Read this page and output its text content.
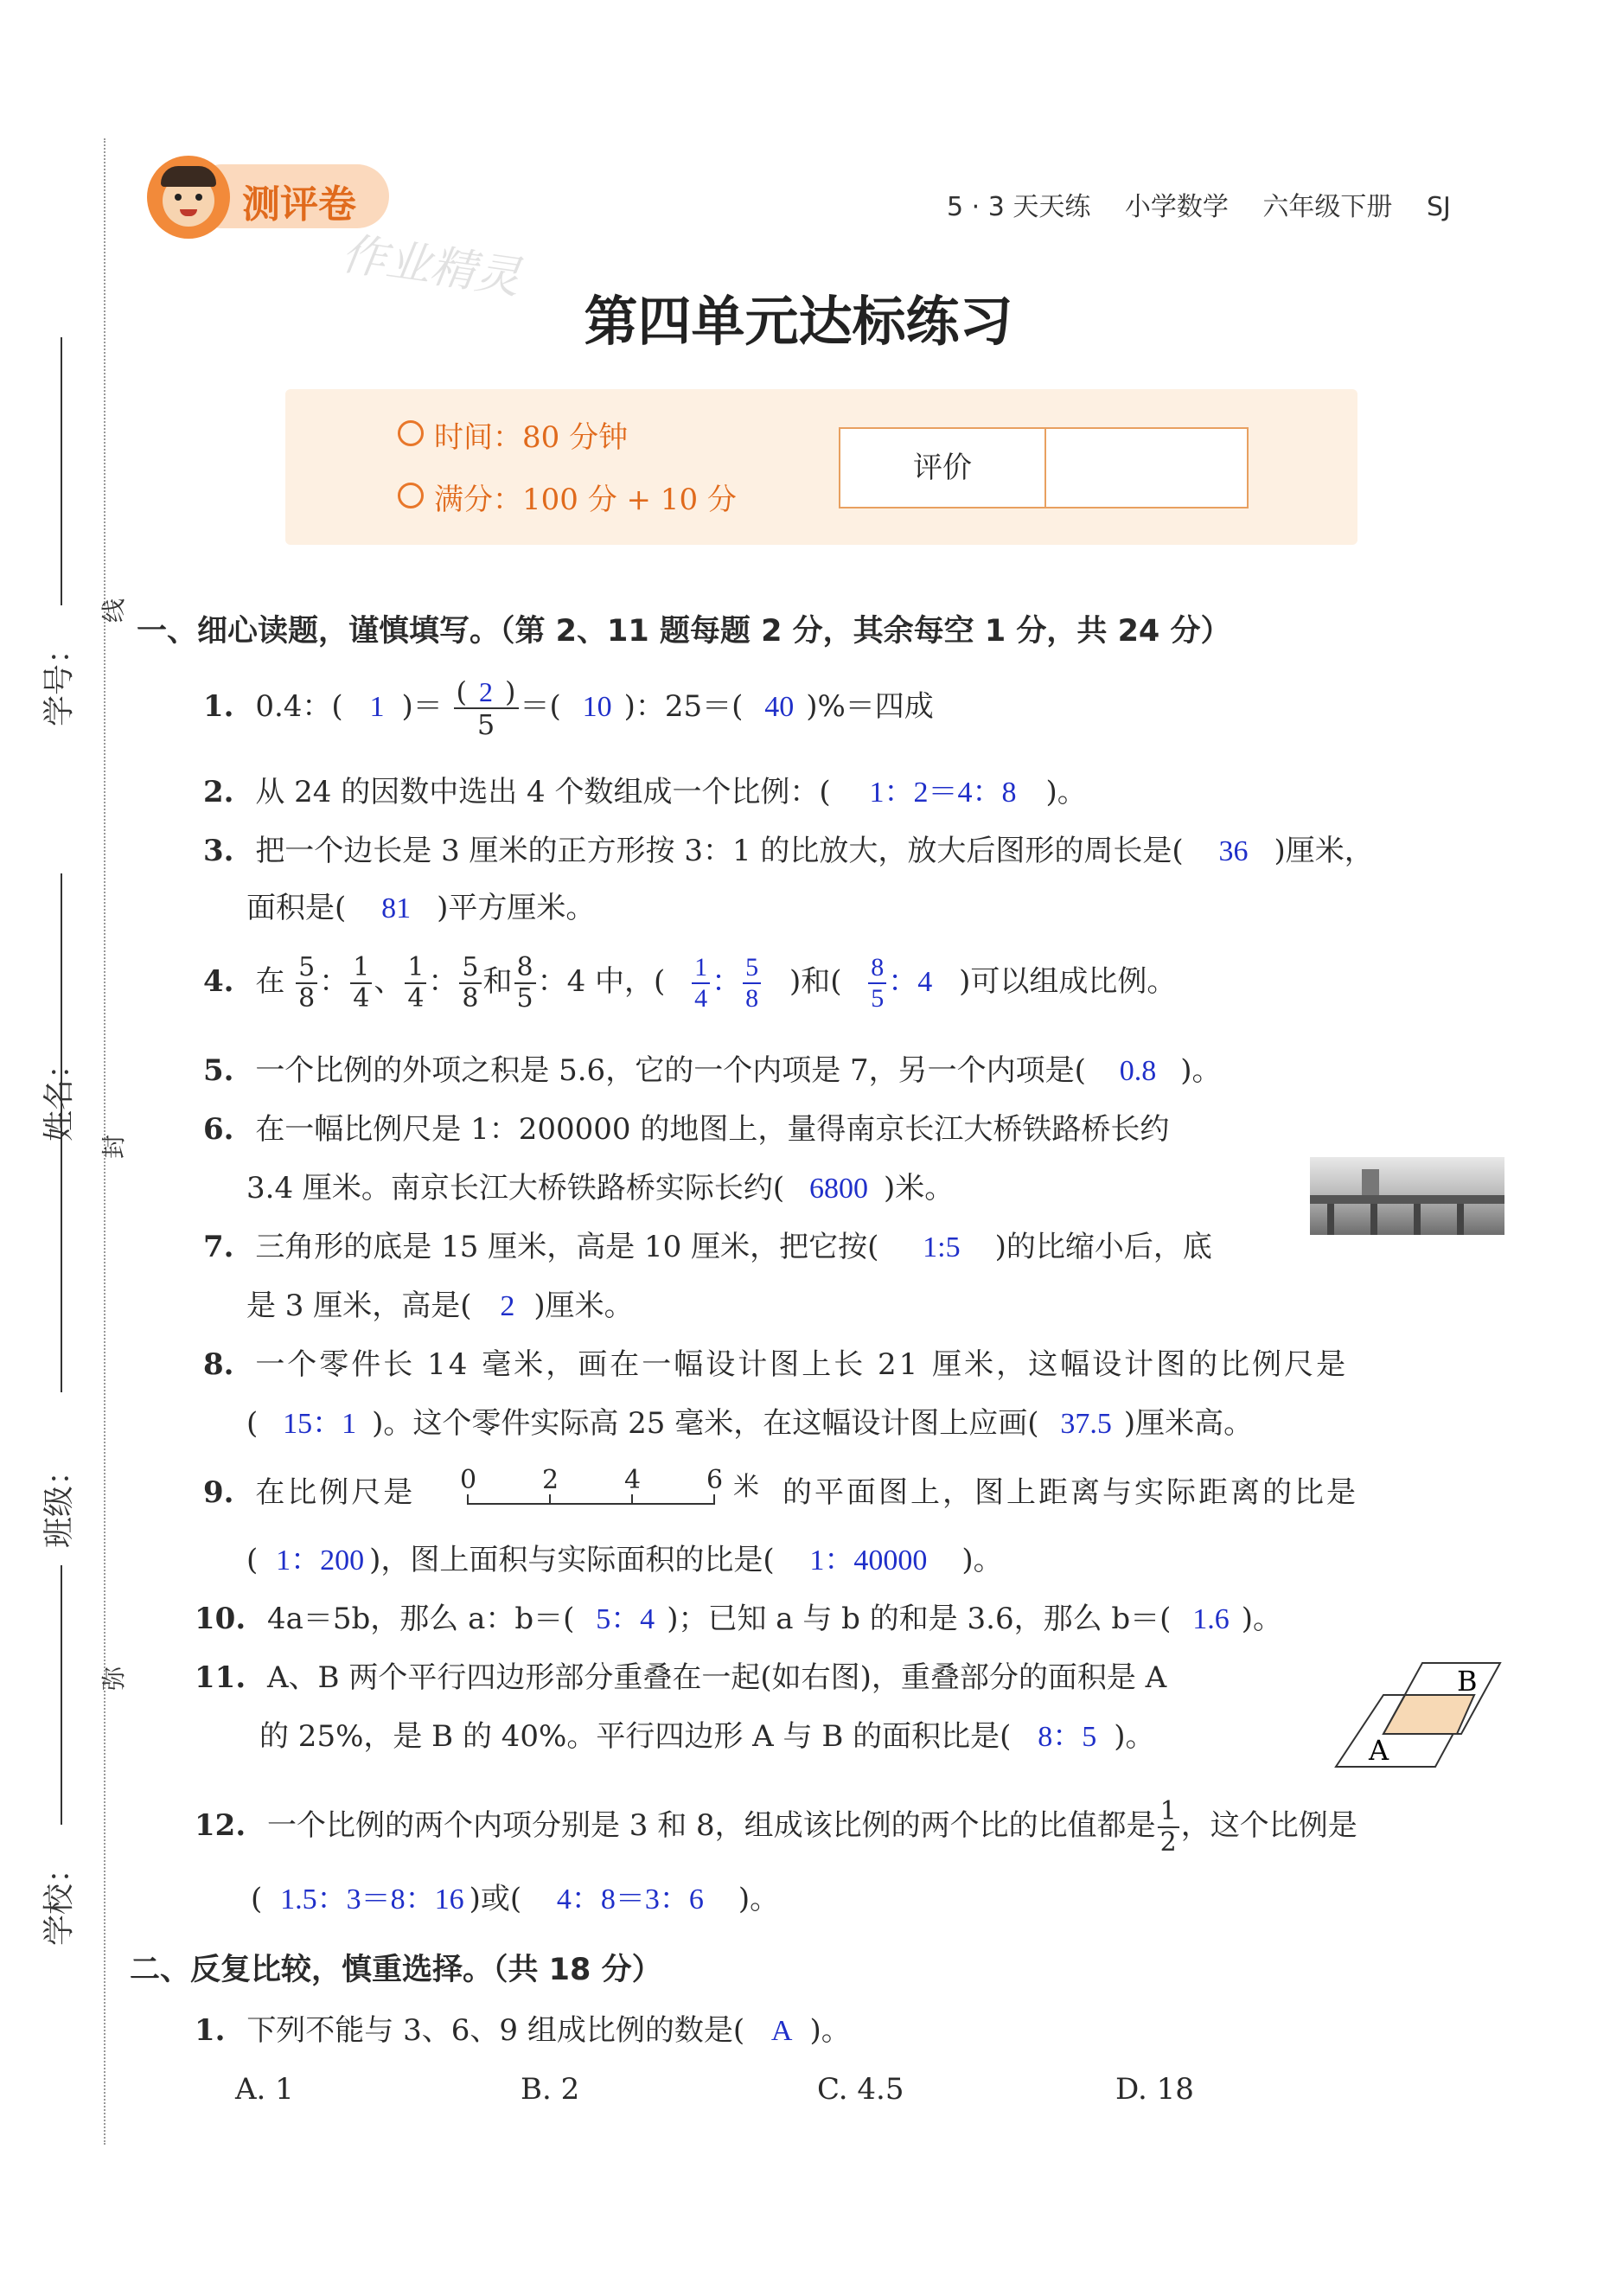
学号：
姓名：
班级：
学校：
线
封
弥
测评卷
作业精灵
5 · 3 天天练 小学数学 六年级下册 SJ
第四单元达标练习
时间：80 分钟
满分：100 分 + 10 分
评价
一、细心读题，谨慎填写。（第 2、11 题每题 2 分，其余每空 1 分，共 24 分）
1. 0.4：( 1 )＝ $\frac{( 2 )}{5}$ ＝( 10 )：25＝( 40 )%＝四成
2. 从 24 的因数中选出 4 个数组成一个比例：( 1：2＝4：8 )。
3. 把一个边长是 3 厘米的正方形按 3：1 的比放大，放大后图形的周长是( 36 )厘米，
面积是( 81 )平方厘米。
4. 在 $\frac{5}{8}$ ： $\frac{1}{4}$ 、 $\frac{1}{4}$ ： $\frac{5}{8}$ 和 $\frac{8}{5}$ ：4 中，( $\frac{1}{4}$ ： $\frac{5}{8}$ )和( $\frac{8}{5}$ ：4 )可以组成比例。
5. 一个比例的外项之积是 5.6，它的一个内项是 7，另一个内项是( 0.8 )。
6. 在一幅比例尺是 1：200000 的地图上，量得南京长江大桥铁路桥长约
3.4 厘米。南京长江大桥铁路桥实际长约( 6800 )米。
7. 三角形的底是 15 厘米，高是 10 厘米，把它按( 1:5 )的比缩小后，底
是 3 厘米，高是( 2 )厘米。
8. 一个零件长 14 毫米，画在一幅设计图上长 21 厘米，这幅设计图的比例尺是
( 15：1 )。这个零件实际高 25 毫米，在这幅设计图上应画( 37.5 )厘米高。
9. 在比例尺是 0	2	4	6 米 的平面图上，图上距离与实际距离的比是
( 1：200 )，图上面积与实际面积的比是( 1：40000 )。
10. 4a＝5b，那么 a：b＝( 5：4 )；已知 a 与 b 的和是 3.6，那么 b＝( 1.6 )。
11. A、B 两个平行四边形部分重叠在一起(如右图)，重叠部分的面积是 A
的 25%，是 B 的 40%。平行四边形 A 与 B 的面积比是( 8：5 )。	A
B
12. 一个比例的两个内项分别是 3 和 8，组成该比例的两个比的比值都是 $\frac{1}{2}$ ，这个比例是
( 1.5：3＝8：16 )或( 4：8＝3：6 )。
二、反复比较，慎重选择。（共 18 分）
1. 下列不能与 3、6、9 组成比例的数是( A )。
A. 1	B. 2	C. 4.5	D. 18
